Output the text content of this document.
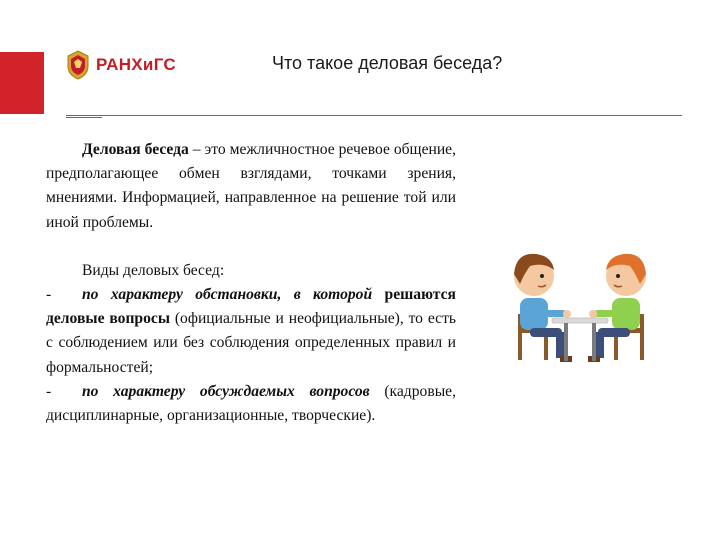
РАНХиГС	Что такое деловая беседа?

Деловая беседа – это межличностное речевое общение, предполагающее обмен взглядами, точками зрения, мнениями. Информацией, направленное на решение той или иной проблемы.

Виды деловых бесед:

- по характеру обстановки, в которой решаются деловые вопросы (официальные и неофициальные), то есть с соблюдением или без соблюдения определенных правил и формальностей;

- по характеру обсуждаемых вопросов (кадровые, дисциплинарные, организационные, творческие).
